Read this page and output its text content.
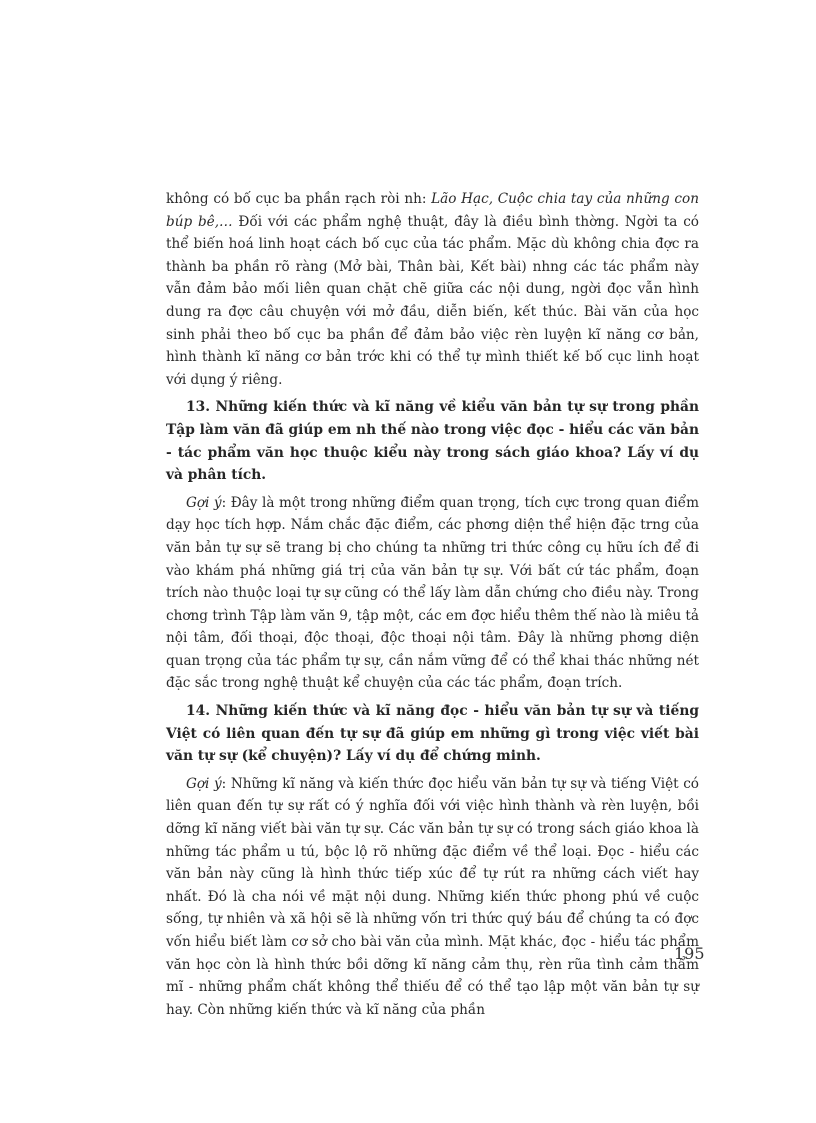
không có bố cục ba phần rạch ròi nh: Lão Hạc, Cuộc chia tay của những con búp bê,… Đối với các phẩm nghệ thuật, đây là điều bình thờng. Ngời ta có thể biến hoá linh hoạt cách bố cục của tác phẩm. Mặc dù không chia đợc ra thành ba phần rõ ràng (Mở bài, Thân bài, Kết bài) nhng các tác phẩm này vẫn đảm bảo mối liên quan chặt chẽ giữa các nội dung, ngời đọc vẫn hình dung ra đợc câu chuyện với mở đầu, diễn biến, kết thúc. Bài văn của học sinh phải theo bố cục ba phần để đảm bảo việc rèn luyện kĩ năng cơ bản, hình thành kĩ năng cơ bản trớc khi có thể tự mình thiết kế bố cục linh hoạt với dụng ý riêng.

13. Những kiến thức và kĩ năng về kiểu văn bản tự sự trong phần Tập làm văn đã giúp em nh thế nào trong việc đọc - hiểu các văn bản - tác phẩm văn học thuộc kiểu này trong sách giáo khoa? Lấy ví dụ và phân tích.

Gợi ý: Đây là một trong những điểm quan trọng, tích cực trong quan điểm dạy học tích hợp. Nắm chắc đặc điểm, các phơng diện thể hiện đặc trng của văn bản tự sự sẽ trang bị cho chúng ta những tri thức công cụ hữu ích để đi vào khám phá những giá trị của văn bản tự sự. Với bất cứ tác phẩm, đoạn trích nào thuộc loại tự sự cũng có thể lấy làm dẫn chứng cho điều này. Trong chơng trình Tập làm văn 9, tập một, các em đợc hiểu thêm thế nào là miêu tả nội tâm, đối thoại, độc thoại, độc thoại nội tâm. Đây là những phơng diện quan trọng của tác phẩm tự sự, cần nắm vững để có thể khai thác những nét đặc sắc trong nghệ thuật kể chuyện của các tác phẩm, đoạn trích.

14. Những kiến thức và kĩ năng đọc - hiểu văn bản tự sự và tiếng Việt có liên quan đến tự sự đã giúp em những gì trong việc viết bài văn tự sự (kể chuyện)? Lấy ví dụ để chứng minh.

Gợi ý: Những kĩ năng và kiến thức đọc hiểu văn bản tự sự và tiếng Việt có liên quan đến tự sự rất có ý nghĩa đối với việc hình thành và rèn luyện, bồi dỡng kĩ năng viết bài văn tự sự. Các văn bản tự sự có trong sách giáo khoa là những tác phẩm u tú, bộc lộ rõ những đặc điểm về thể loại. Đọc - hiểu các văn bản này cũng là hình thức tiếp xúc để tự rút ra những cách viết hay nhất. Đó là cha nói về mặt nội dung. Những kiến thức phong phú về cuộc sống, tự nhiên và xã hội sẽ là những vốn tri thức quý báu để chúng ta có đợc vốn hiểu biết làm cơ sở cho bài văn của mình. Mặt khác, đọc - hiểu tác phẩm văn học còn là hình thức bồi dỡng kĩ năng cảm thụ, rèn rũa tình cảm thẩm mĩ - những phẩm chất không thể thiếu để có thể tạo lập một văn bản tự sự hay. Còn những kiến thức và kĩ năng của phần

195
